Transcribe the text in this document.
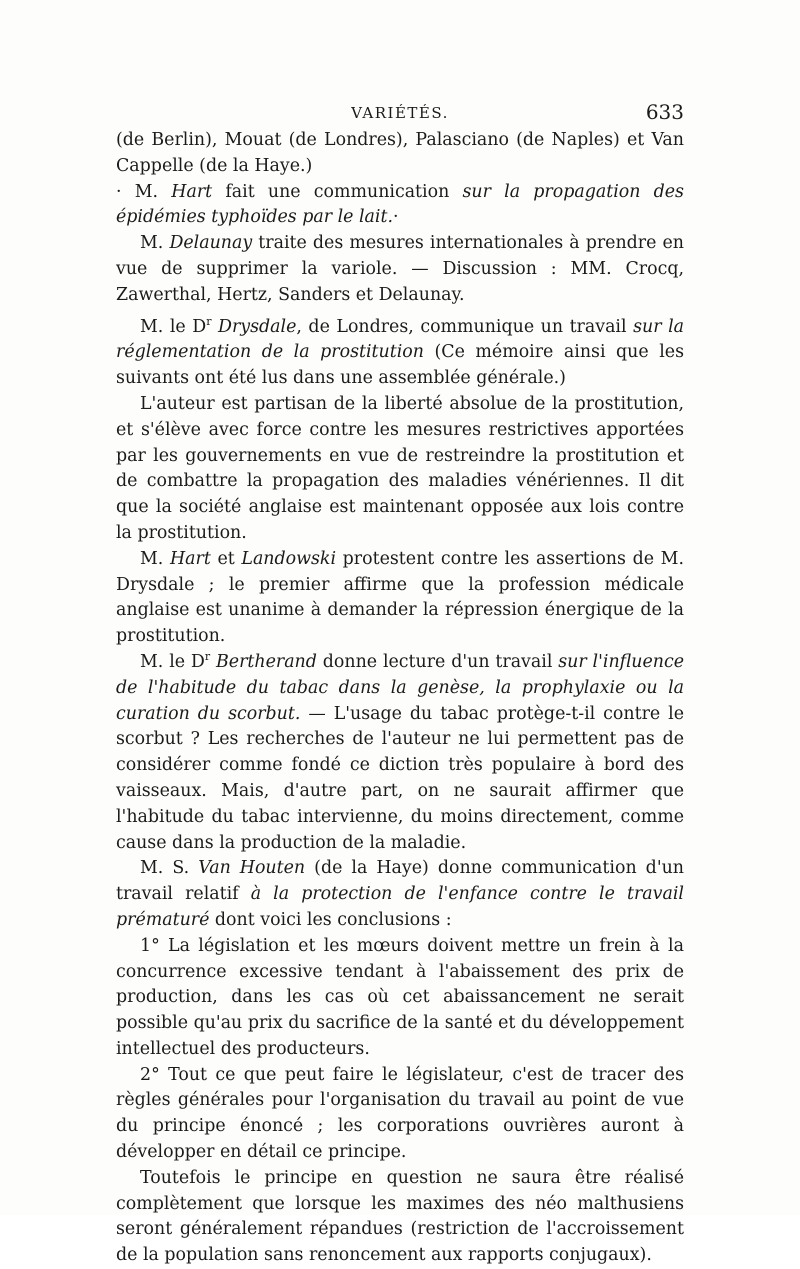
VARIÉTÉS.	633

(de Berlin), Mouat (de Londres), Palasciano (de Naples) et Van Cappelle (de la Haye.)

· M. Hart fait une communication sur la propagation des épidémies typhoïdes par le lait.·

M. Delaunay traite des mesures internationales à prendre en vue de supprimer la variole. — Discussion : MM. Crocq, Zawerthal, Hertz, Sanders et Delaunay.

M. le $D^r$ Drysdale, de Londres, communique un travail sur la réglementation de la prostitution (Ce mémoire ainsi que les suivants ont été lus dans une assemblée générale.)

L'auteur est partisan de la liberté absolue de la prostitution, et s'élève avec force contre les mesures restrictives apportées par les gouvernements en vue de restreindre la prostitution et de combattre la propagation des maladies vénériennes. Il dit que la société anglaise est maintenant opposée aux lois contre la prostitution.

M. Hart et Landowski protestent contre les assertions de M. Drysdale ; le premier affirme que la profession médicale anglaise est unanime à demander la répression énergique de la prostitution.

M. le $D^r$ Bertherand donne lecture d'un travail sur l'influence de l'habitude du tabac dans la genèse, la prophylaxie ou la curation du scorbut. — L'usage du tabac protège-t-il contre le scorbut ? Les recherches de l'auteur ne lui permettent pas de considérer comme fondé ce diction très populaire à bord des vaisseaux. Mais, d'autre part, on ne saurait affirmer que l'habitude du tabac intervienne, du moins directement, comme cause dans la production de la maladie.

M. S. Van Houten (de la Haye) donne communication d'un travail relatif à la protection de l'enfance contre le travail prématuré dont voici les conclusions :

1° La législation et les mœurs doivent mettre un frein à la concurrence excessive tendant à l'abaissement des prix de production, dans les cas où cet abaissancement ne serait possible qu'au prix du sacrifice de la santé et du développement intellectuel des producteurs.

2° Tout ce que peut faire le législateur, c'est de tracer des règles générales pour l'organisation du travail au point de vue du principe énoncé ; les corporations ouvrières auront à développer en détail ce principe.

Toutefois le principe en question ne saura être réalisé complètement que lorsque les maximes des néo malthusiens seront généralement répandues (restriction de l'accroissement de la population sans renoncement aux rapports conjugaux).
